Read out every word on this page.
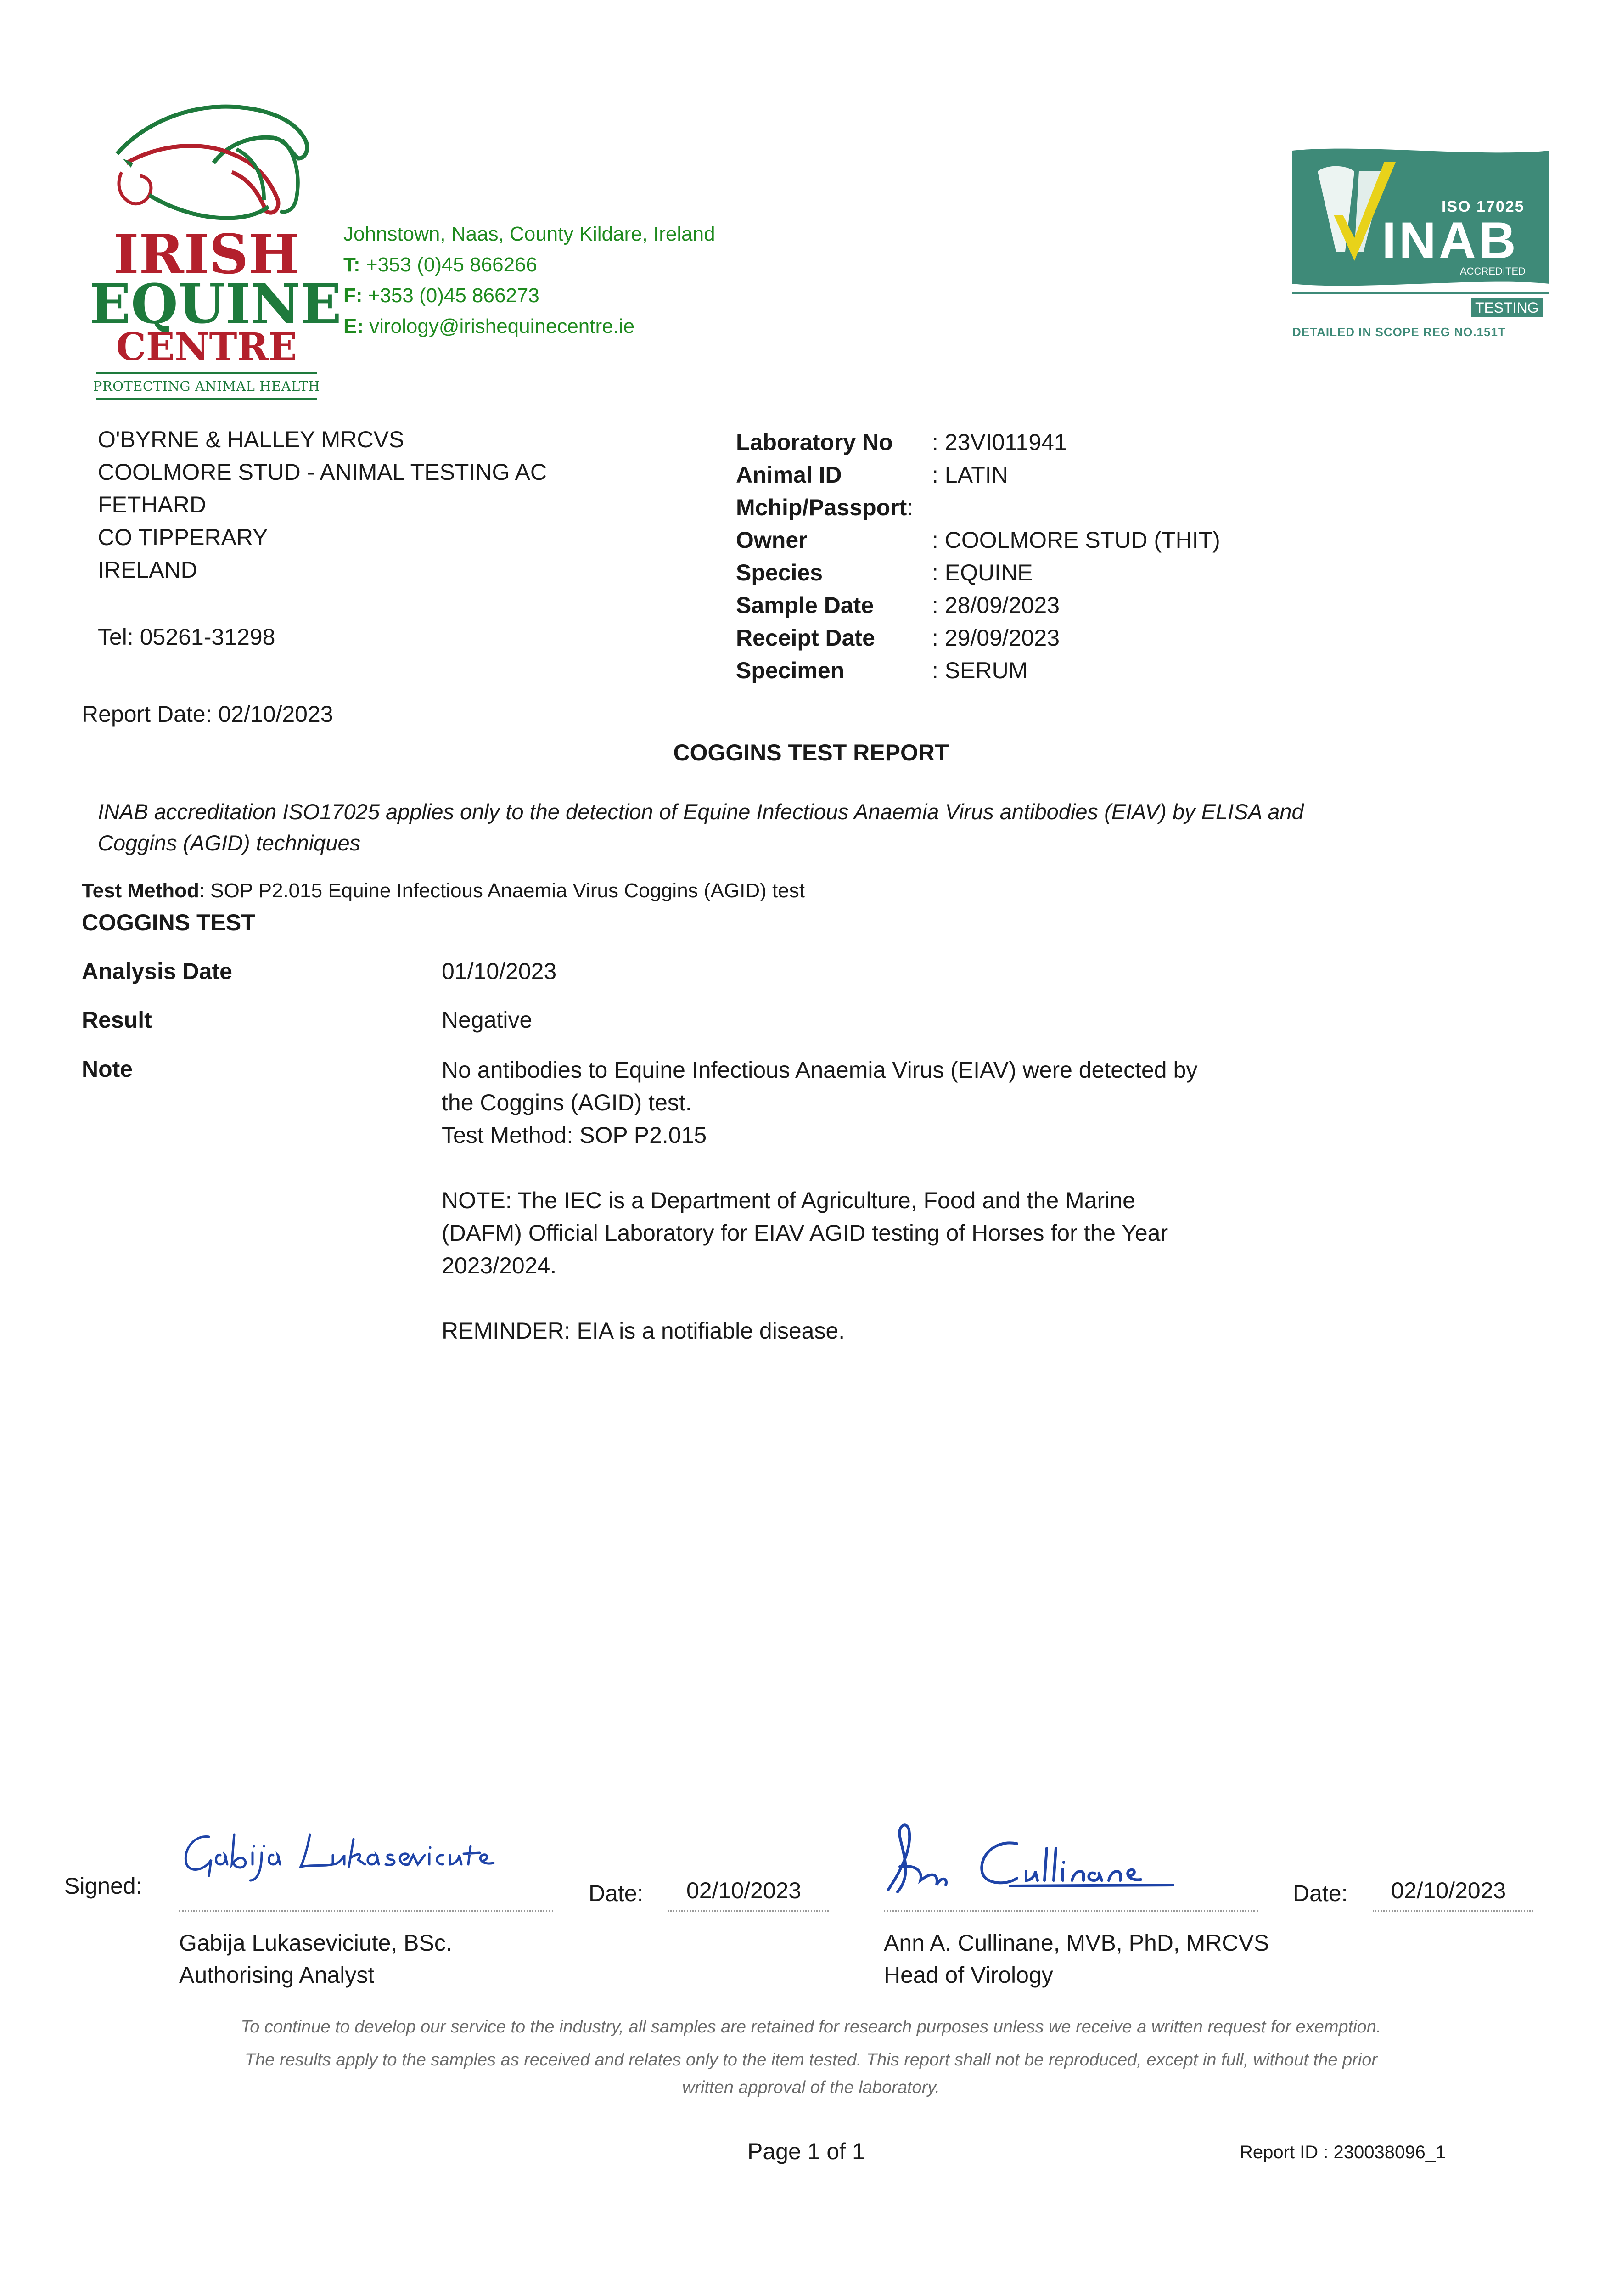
IRISH
EQUINE
CENTRE
PROTECTING ANIMAL HEALTH
Johnstown, Naas, County Kildare, Ireland
T: +353 (0)45 866266
F: +353 (0)45 866273
E: virology@irishequinecentre.ie
ISO 17025
INAB
ACCREDITED
TESTING
DETAILED IN SCOPE REG NO.151T
O'BYRNE & HALLEY MRCVS
COOLMORE STUD - ANIMAL TESTING AC
FETHARD
CO TIPPERARY
IRELAND
Tel: 05261-31298
Laboratory No : 23VI011941
Animal ID	: LATIN
Mchip/Passport:
Owner	: COOLMORE STUD (THIT)
Species	: EQUINE
Sample Date	: 28/09/2023
Receipt Date : 29/09/2023
Specimen	: SERUM
Report Date: 02/10/2023
COGGINS TEST REPORT
INAB accreditation ISO17025 applies only to the detection of Equine Infectious Anaemia Virus antibodies (EIAV) by ELISA and
Coggins (AGID) techniques
Test Method: SOP P2.015 Equine Infectious Anaemia Virus Coggins (AGID) test
COGGINS TEST
Analysis Date	01/10/2023
Result	Negative
Note	No antibodies to Equine Infectious Anaemia Virus (EIAV) were detected by
the Coggins (AGID) test.
Test Method: SOP P2.015
NOTE: The IEC is a Department of Agriculture, Food and the Marine
(DAFM) Official Laboratory for EIAV AGID testing of Horses for the Year
2023/2024.
REMINDER: EIA is a notifiable disease.
Signed:	Date: 02/10/2023
Gabija Lukaseviciute, BSc.
Authorising Analyst
Date: 02/10/2023
Ann A. Cullinane, MVB, PhD, MRCVS
Head of Virology
To continue to develop our service to the industry, all samples are retained for research purposes unless we receive a written request for exemption.
The results apply to the samples as received and relates only to the item tested. This report shall not be reproduced, except in full, without the prior
written approval of the laboratory.
Page 1 of 1	Report ID : 230038096_1
